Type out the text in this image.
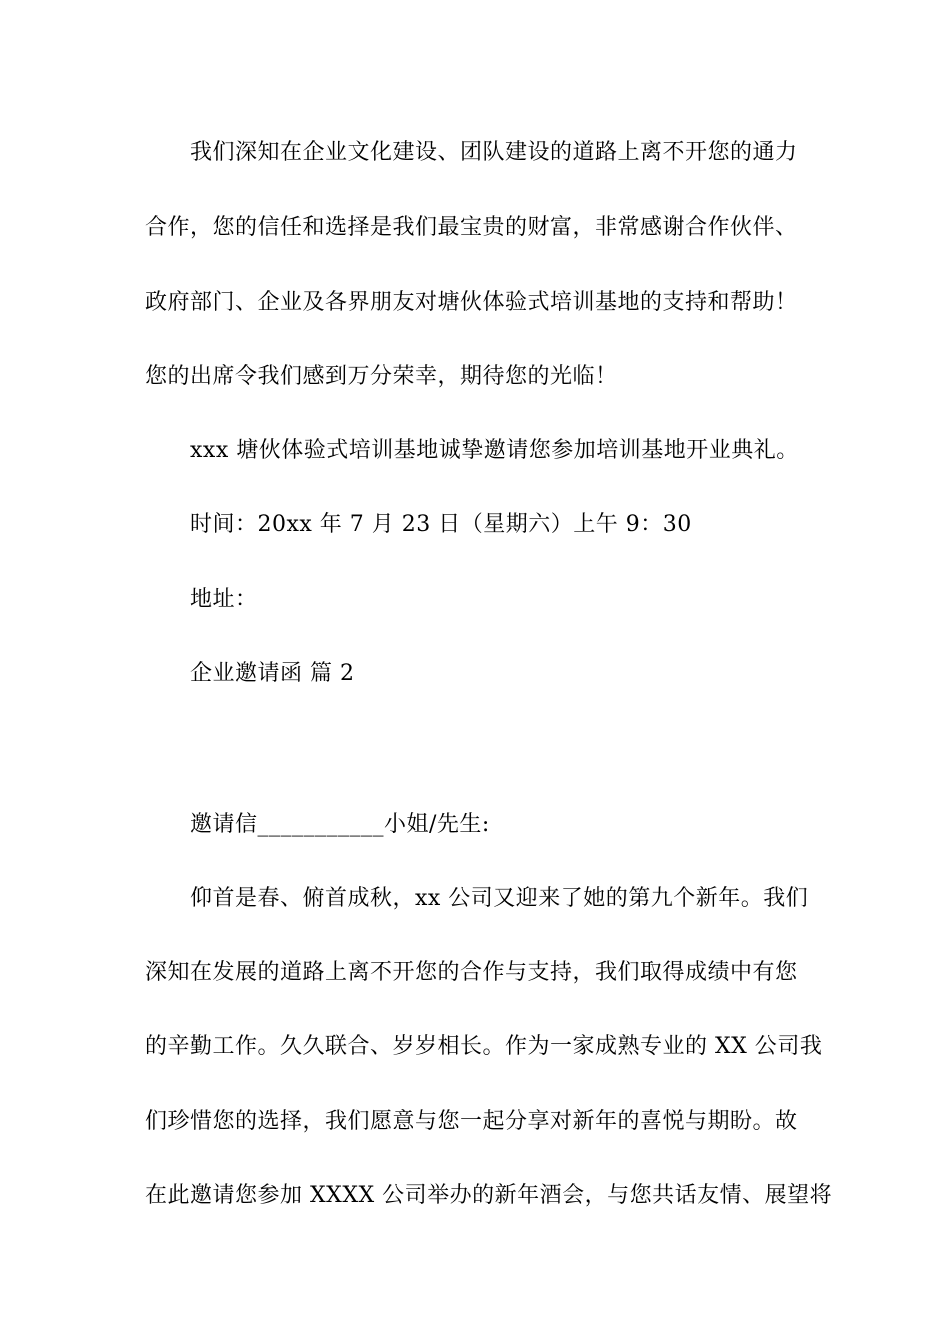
我们深知在企业文化建设、团队建设的道路上离不开您的通力
合作，您的信任和选择是我们最宝贵的财富，非常感谢合作伙伴、
政府部门、企业及各界朋友对塘伙体验式培训基地的支持和帮助！
您的出席令我们感到万分荣幸，期待您的光临！
xxx 塘伙体验式培训基地诚挚邀请您参加培训基地开业典礼。
时间：20xx 年 7 月 23 日（星期六）上午 9：30
地址：
企业邀请函 篇 2
邀请信___________小姐/先生:
仰首是春、俯首成秋，xx 公司又迎来了她的第九个新年。我们
深知在发展的道路上离不开您的合作与支持，我们取得成绩中有您
的辛勤工作。久久联合、岁岁相长。作为一家成熟专业的 XX 公司我
们珍惜您的选择，我们愿意与您一起分享对新年的喜悦与期盼。故
在此邀请您参加 XXXX 公司举办的新年酒会，与您共话友情、展望将
